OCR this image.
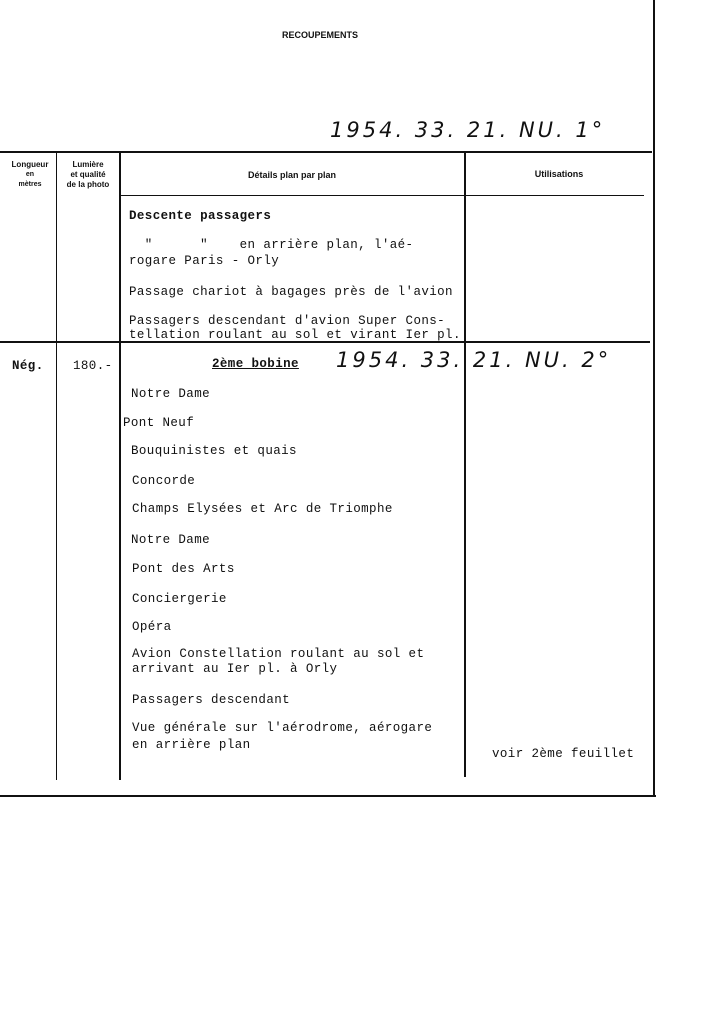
RECOUPEMENTS
1954. 33. 21. NU. 1°
Longueur
en
mètres
Lumière
et qualité
de la photo
Détails plan par plan	Utilisations
Descente passagers
"      "    en arrière plan, l'aé-
rogare Paris - Orly
Passage chariot à bagages près de l'avion
Passagers descendant d'avion Super Cons-
tellation roulant au sol et virant Ier pl.
Nég. 180.-	2ème bobine 1954. 33. 21. NU. 2°
Notre Dame
Pont Neuf
Bouquinistes et quais
Concorde
Champs Elysées et Arc de Triomphe
Notre Dame
Pont des Arts
Conciergerie
Opéra
Avion Constellation roulant au sol et
arrivant au Ier pl. à Orly
Passagers descendant
Vue générale sur l'aérodrome, aérogare
en arrière plan
voir 2ème feuillet
